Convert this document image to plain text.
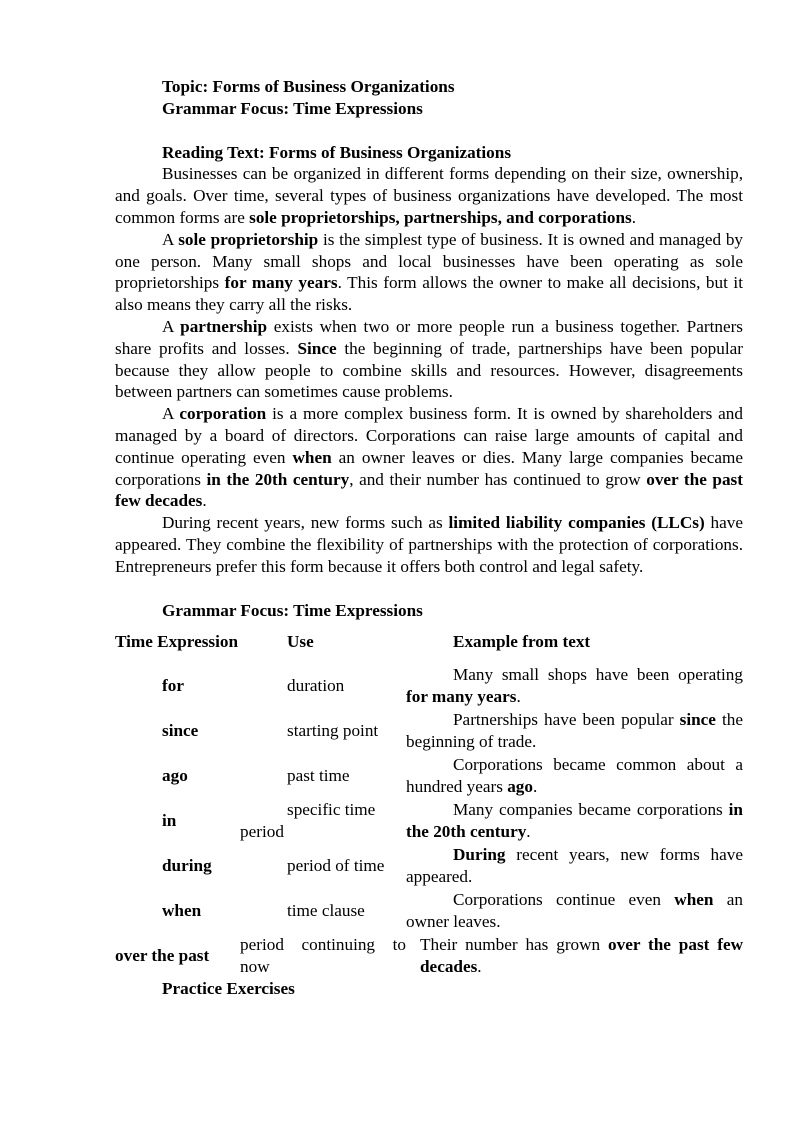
Topic: Forms of Business Organizations
Grammar Focus: Time Expressions
Reading Text: Forms of Business Organizations

Businesses can be organized in different forms depending on their size, ownership, and goals. Over time, several types of business organizations have developed. The most common forms are sole proprietorships, partnerships, and corporations.

A sole proprietorship is the simplest type of business. It is owned and managed by one person. Many small shops and local businesses have been operating as sole proprietorships for many years. This form allows the owner to make all decisions, but it also means they carry all the risks.

A partnership exists when two or more people run a business together. Partners share profits and losses. Since the beginning of trade, partnerships have been popular because they allow people to combine skills and resources. However, disagreements between partners can sometimes cause problems.

A corporation is a more complex business form. It is owned by shareholders and managed by a board of directors. Corporations can raise large amounts of capital and continue operating even when an owner leaves or dies. Many large companies became corporations in the 20th century, and their number has continued to grow over the past few decades.

During recent years, new forms such as limited liability companies (LLCs) have appeared. They combine the flexibility of partnerships with the protection of corporations. Entrepreneurs prefer this form because it offers both control and legal safety.

Grammar Focus: Time Expressions
Time Expression	Use	Example from text

for	duration	Many small shops have been operating for many years.

since	starting point	Partnerships have been popular since the beginning of trade.

ago	past time	Corporations became common about a hundred years ago.

in	specific time period	Many companies became corporations in the 20th century.

during	period of time	During recent years, new forms have appeared.

when	time clause	Corporations continue even when an owner leaves.

over the past	period continuing to now	Their number has grown over the past few decades.
Practice Exercises
